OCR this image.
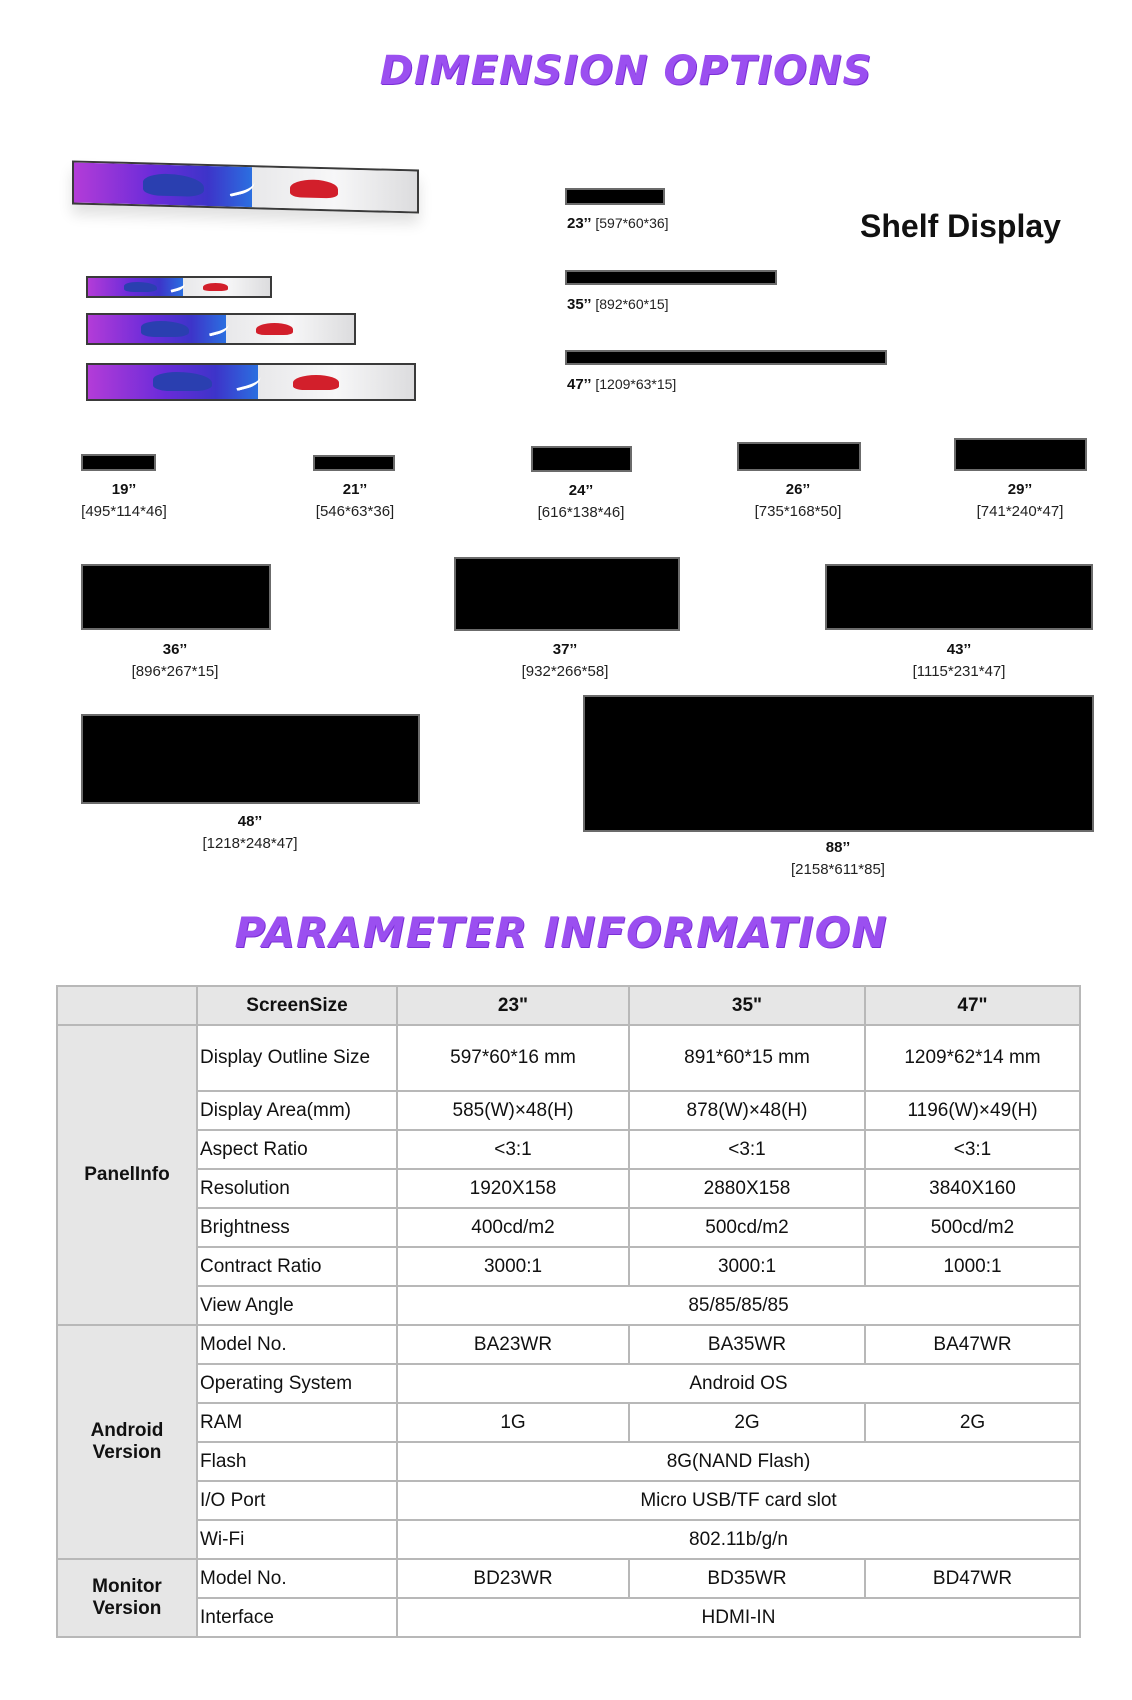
DIMENSION OPTIONS
23’’ [597*60*36]
35’’ [892*60*15]
47’’ [1209*63*15]
Shelf Display
19’’
[495*114*46]
21’’
[546*63*36]
24’’
[616*138*46]
26’’
[735*168*50]
29’’
[741*240*47]
36’’
[896*267*15]
37’’
[932*266*58]
43’’
[1115*231*47]
48’’
[1218*248*47]	88’’
[2158*611*85]
PARAMETER INFORMATION
	ScreenSize	23"	35"	47"
PanelInfo	Display Outline Size	597*60*16 mm	891*60*15 mm	1209*62*14 mm
	Display Area(mm)	585(W)×48(H)	878(W)×48(H)	1196(W)×49(H)
	Aspect Ratio	<3:1	<3:1	<3:1
	Resolution	1920X158	2880X158	3840X160
	Brightness	400cd/m2	500cd/m2	500cd/m2
	Contract Ratio	3000:1	3000:1	1000:1
	View Angle	85/85/85/85		
Android Version	Model No.	BA23WR	BA35WR	BA47WR
	Operating System	Android OS		
	RAM	1G	2G	2G
	Flash	8G(NAND Flash)		
	I/O Port	Micro USB/TF card slot		
	Wi-Fi	802.11b/g/n		
Monitor Version	Model No.	BD23WR	BD35WR	BD47WR
	Interface	HDMI-IN		
